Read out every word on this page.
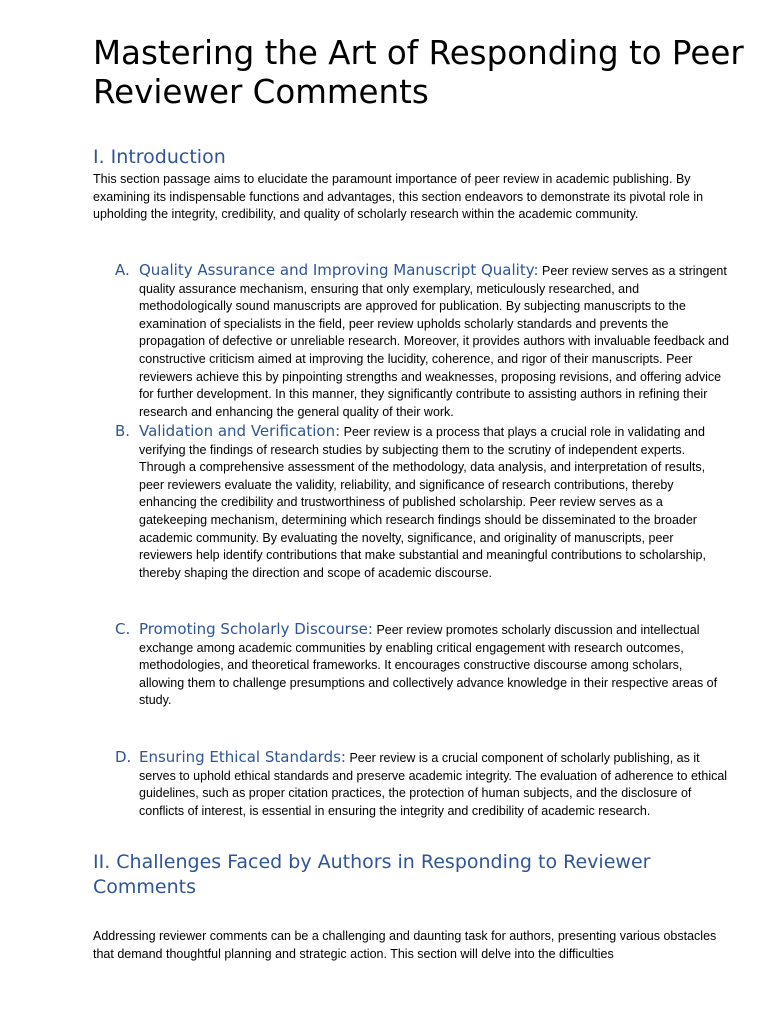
Mastering the Art of Responding to Peer Reviewer Comments
I. Introduction

This section passage aims to elucidate the paramount importance of peer review in academic publishing. By examining its indispensable functions and advantages, this section endeavors to demonstrate its pivotal role in upholding the integrity, credibility, and quality of scholarly research within the academic community.

A. Quality Assurance and Improving Manuscript Quality: Peer review serves as a stringent quality assurance mechanism, ensuring that only exemplary, meticulously researched, and methodologically sound manuscripts are approved for publication. By subjecting manuscripts to the examination of specialists in the field, peer review upholds scholarly standards and prevents the propagation of defective or unreliable research. Moreover, it provides authors with invaluable feedback and constructive criticism aimed at improving the lucidity, coherence, and rigor of their manuscripts. Peer reviewers achieve this by pinpointing strengths and weaknesses, proposing revisions, and offering advice for further development. In this manner, they significantly contribute to assisting authors in refining their research and enhancing the general quality of their work.

B. Validation and Verification: Peer review is a process that plays a crucial role in validating and verifying the findings of research studies by subjecting them to the scrutiny of independent experts. Through a comprehensive assessment of the methodology, data analysis, and interpretation of results, peer reviewers evaluate the validity, reliability, and significance of research contributions, thereby enhancing the credibility and trustworthiness of published scholarship. Peer review serves as a gatekeeping mechanism, determining which research findings should be disseminated to the broader academic community. By evaluating the novelty, significance, and originality of manuscripts, peer reviewers help identify contributions that make substantial and meaningful contributions to scholarship, thereby shaping the direction and scope of academic discourse.

C. Promoting Scholarly Discourse: Peer review promotes scholarly discussion and intellectual exchange among academic communities by enabling critical engagement with research outcomes, methodologies, and theoretical frameworks. It encourages constructive discourse among scholars, allowing them to challenge presumptions and collectively advance knowledge in their respective areas of study.

D. Ensuring Ethical Standards: Peer review is a crucial component of scholarly publishing, as it serves to uphold ethical standards and preserve academic integrity. The evaluation of adherence to ethical guidelines, such as proper citation practices, the protection of human subjects, and the disclosure of conflicts of interest, is essential in ensuring the integrity and credibility of academic research.

II. Challenges Faced by Authors in Responding to Reviewer Comments

Addressing reviewer comments can be a challenging and daunting task for authors, presenting various obstacles that demand thoughtful planning and strategic action. This section will delve into the difficulties
